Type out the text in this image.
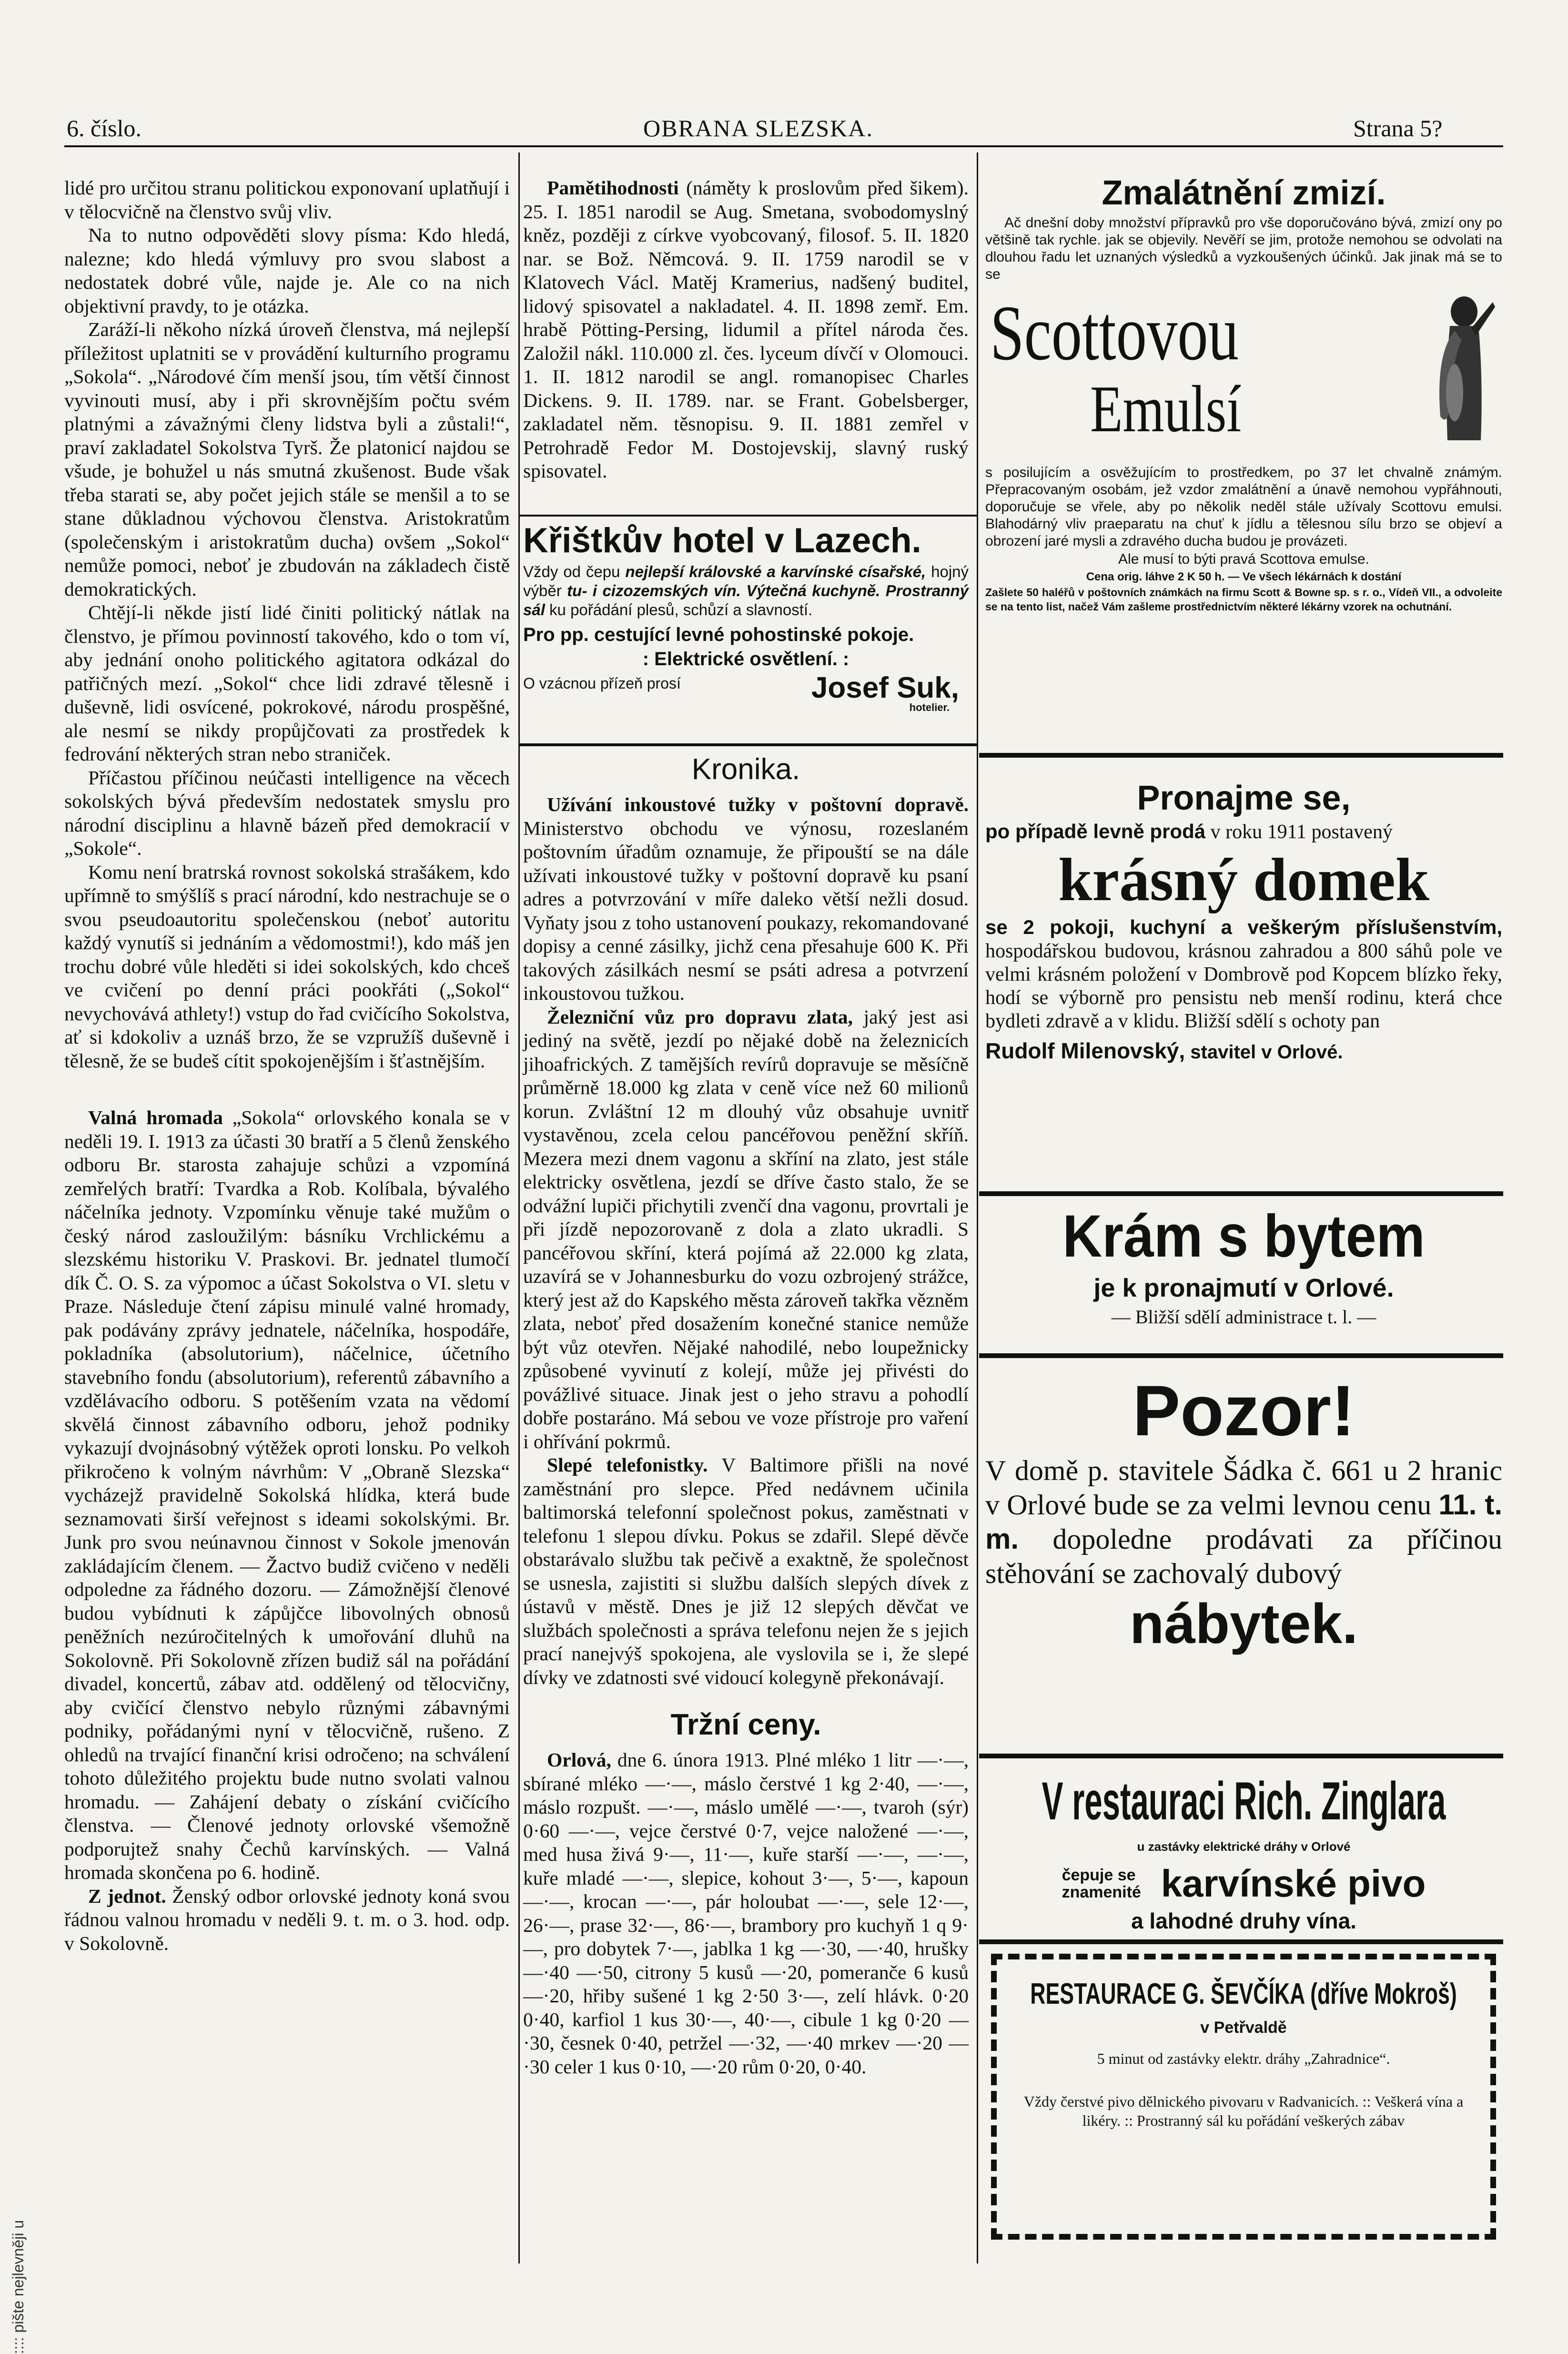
6. číslo.	OBRANA SLEZSKA.	Strana 5?
:::: pište nejlevněji u

lidé pro určitou stranu politickou exponovaní uplatňují i v tělocvičně na členstvo svůj vliv.

Na to nutno odpověděti slovy písma: Kdo hledá, nalezne; kdo hledá výmluvy pro svou slabost a nedostatek dobré vůle, najde je. Ale co na nich objektivní pravdy, to je otázka.

Zaráží-li někoho nízká úroveň členstva, má nejlepší příležitost uplatniti se v provádění kulturního programu „Sokola“. „Národové čím menší jsou, tím větší činnost vyvinouti musí, aby i při skrovnějším počtu svém platnými a závažnými členy lidstva byli a zůstali!“, praví zakladatel Sokolstva Tyrš. Že platonicí najdou se všude, je bohužel u nás smutná zkušenost. Bude však třeba starati se, aby počet jejich stále se menšil a to se stane důkladnou výchovou členstva. Aristokratům (společenským i aristokratům ducha) ovšem „Sokol“ nemůže pomoci, neboť je zbudován na základech čistě demokratických.

Chtějí-li někde jistí lidé činiti politický nátlak na členstvo, je přímou povinností takového, kdo o tom ví, aby jednání onoho politického agitatora odkázal do patřičných mezí. „Sokol“ chce lidi zdravé tělesně i duševně, lidi osvícené, pokrokové, národu prospěšné, ale nesmí se nikdy propůjčovati za prostředek k fedrování některých stran nebo straniček.

Příčastou příčinou neúčasti intelligence na věcech sokolských bývá především nedostatek smyslu pro národní disciplinu a hlavně bázeň před demokracií v „Sokole“.

Komu není bratrská rovnost sokolská strašákem, kdo upřímně to smýšlíš s prací národní, kdo nestrachuje se o svou pseudoautoritu společenskou (neboť autoritu každý vynutíš si jednáním a vědomostmi!), kdo máš jen trochu dobré vůle hleděti si idei sokolských, kdo chceš ve cvičení po denní práci pookřáti („Sokol“ nevychovává athlety!) vstup do řad cvičícího Sokolstva, ať si kdokoliv a uznáš brzo, že se vzpružíš duševně i tělesně, že se budeš cítit spokojenějším i šťastnějším.

Valná hromada „Sokola“ orlovského konala se v neděli 19. I. 1913 za účasti 30 bratří a 5 členů ženského odboru Br. starosta zahajuje schůzi a vzpomíná zemřelých bratří: Tvardka a Rob. Kolíbala, bývalého náčelníka jednoty. Vzpomínku věnuje také mužům o český národ zasloužilým: básníku Vrchlickému a slezskému historiku V. Praskovi. Br. jednatel tlumočí dík Č. O. S. za výpomoc a účast Sokolstva o VI. sletu v Praze. Následuje čtení zápisu minulé valné hromady, pak podávány zprávy jednatele, náčelníka, hospodáře, pokladníka (absolutorium), náčelnice, účetního stavebního fondu (absolutorium), referentů zábavního a vzdělávacího odboru. S potěšením vzata na vědomí skvělá činnost zábavního odboru, jehož podniky vykazují dvojnásobný výtěžek oproti lonsku. Po velkoh přikročeno k volným návrhům: V „Obraně Slezska“ vycházejž pravidelně Sokolská hlídka, která bude seznamovati širší veřejnost s ideami sokolskými. Br. Junk pro svou neúnavnou činnost v Sokole jmenován zakládajícím členem. — Žactvo budiž cvičeno v neděli odpoledne za řádného dozoru. — Zámožnější členové budou vybídnuti k zápůjčce libovolných obnosů peněžních nezúročitelných k umořování dluhů na Sokolovně. Při Sokolovně zřízen budiž sál na pořádání divadel, koncertů, zábav atd. oddělený od tělocvičny, aby cvičící členstvo nebylo různými zábavnými podniky, pořádanými nyní v tělocvičně, rušeno. Z ohledů na trvající finanční krisi odročeno; na schválení tohoto důležitého projektu bude nutno svolati valnou hromadu. — Zahájení debaty o získání cvičícího členstva. — Členové jednoty orlovské všemožně podporujtež snahy Čechů karvínských. — Valná hromada skončena po 6. hodině.

Z jednot. Ženský odbor orlovské jednoty koná svou řádnou valnou hromadu v neděli 9. t. m. o 3. hod. odp. v Sokolovně.

Pamětihodnosti (náměty k proslovům před šikem). 25. I. 1851 narodil se Aug. Smetana, svobodomyslný kněz, později z církve vyobcovaný, filosof. 5. II. 1820 nar. se Bož. Němcová. 9. II. 1759 narodil se v Klatovech Václ. Matěj Kramerius, nadšený buditel, lidový spisovatel a nakladatel. 4. II. 1898 zemř. Em. hrabě Pötting-Persing, lidumil a přítel národa čes. Založil nákl. 110.000 zl. čes. lyceum dívčí v Olomouci. 1. II. 1812 narodil se angl. romanopisec Charles Dickens. 9. II. 1789. nar. se Frant. Gobelsberger, zakladatel něm. těsnopisu. 9. II. 1881 zemřel v Petrohradě Fedor M. Dostojevskij, slavný ruský spisovatel.

Křištkův hotel v Lazech.

Vždy od čepu nejlepší královské a karvínské císařské, hojný výběr tu- i cizozemských vín. Výtečná kuchyně. Prostranný sál ku pořádání plesů, schůzí a slavností.

Pro pp. cestující levné pohostinské pokoje.

: Elektrické osvětlení. :

O vzácnou přízeň prosí	Josef Suk,
hotelier.
Kronika.

Užívání inkoustové tužky v poštovní dopravě. Ministerstvo obchodu ve výnosu, rozeslaném poštovním úřadům oznamuje, že připouští se na dále užívati inkoustové tužky v poštovní dopravě ku psaní adres a potvrzování v míře daleko větší nežli dosud. Vyňaty jsou z toho ustanovení poukazy, rekomandované dopisy a cenné zásilky, jichž cena přesahuje 600 K. Při takových zásilkách nesmí se psáti adresa a potvrzení inkoustovou tužkou.

Železniční vůz pro dopravu zlata, jaký jest asi jediný na světě, jezdí po nějaké době na železnicích jihoafrických. Z tamějších revírů dopravuje se měsíčně průměrně 18.000 kg zlata v ceně více než 60 milionů korun. Zvláštní 12 m dlouhý vůz obsahuje uvnitř vystavěnou, zcela celou pancéřovou peněžní skříň. Mezera mezi dnem vagonu a skříní na zlato, jest stále elektricky osvětlena, jezdí se dříve často stalo, že se odvážní lupiči přichytili zvenčí dna vagonu, provrtali je při jízdě nepozorovaně z dola a zlato ukradli. S pancéřovou skříní, která pojímá až 22.000 kg zlata, uzavírá se v Johannesburku do vozu ozbrojený strážce, který jest až do Kapského města zároveň takřka vězněm zlata, neboť před dosažením konečné stanice nemůže být vůz otevřen. Nějaké nahodilé, nebo loupežnicky způsobené vyvinutí z kolejí, může jej přivésti do povážlivé situace. Jinak jest o jeho stravu a pohodlí dobře postaráno. Má sebou ve voze přístroje pro vaření i ohřívání pokrmů.

Slepé telefonistky. V Baltimore přišli na nové zaměstnání pro slepce. Před nedávnem učinila baltimorská telefonní společnost pokus, zaměstnati v telefonu 1 slepou dívku. Pokus se zdařil. Slepé děvče obstarávalo službu tak pečivě a exaktně, že společnost se usnesla, zajistiti si službu dalších slepých dívek z ústavů v městě. Dnes je již 12 slepých děvčat ve službách společnosti a správa telefonu nejen že s jejich prací nanejvýš spokojena, ale vyslovila se i, že slepé dívky ve zdatnosti své vidoucí kolegyně překonávají.

Tržní ceny.

Orlová, dne 6. února 1913. Plné mléko 1 litr —·—, sbírané mléko —·—, máslo čerstvé 1 kg 2·40, —·—, máslo rozpušt. —·—, máslo umělé —·—, tvaroh (sýr) 0·60 —·—, vejce čerstvé 0·7, vejce naložené —·—, med husa živá 9·—, 11·—, kuře starší —·—, —·—, kuře mladé —·—, slepice, kohout 3·—, 5·—, kapoun —·—, krocan —·—, pár holoubat —·—, sele 12·—, 26·—, prase 32·—, 86·—, brambory pro kuchyň 1 q 9·—, pro dobytek 7·—, jablka 1 kg —·30, —·40, hrušky —·40 —·50, citrony 5 kusů —·20, pomeranče 6 kusů —·20, hřiby sušené 1 kg 2·50 3·—, zelí hlávk. 0·20 0·40, karfiol 1 kus 30·—, 40·—, cibule 1 kg 0·20 —·30, česnek 0·40, petržel —·32, —·40 mrkev —·20 —·30 celer 1 kus 0·10, —·20 rům 0·20, 0·40.

Zmalátnění zmizí.

Ač dnešní doby množství přípravků pro vše doporučováno bývá, zmizí ony po většině tak rychle. jak se objevily. Nevěří se jim, protože nemohou se odvolati na dlouhou řadu let uznaných výsledků a vyzkoušených účinků. Jak jinak má se to se

Scottovou
Emulsí

s posilujícím a osvěžujícím to prostředkem, po 37 let chvalně známým. Přepracovaným osobám, jež vzdor zmalátnění a únavě nemohou vypřáhnouti, doporučuje se vřele, aby po několik neděl stále užívaly Scottovu emulsi. Blahodárný vliv praeparatu na chuť k jídlu a tělesnou sílu brzo se objeví a obrození jaré mysli a zdravého ducha budou je provázeti.

Ale musí to býti pravá Scottova emulse.

Cena orig. láhve 2 K 50 h. — Ve všech lékárnách k dostání

Zašlete 50 haléřů v poštovních známkách na firmu Scott & Bowne sp. s r. o., Vídeň VII., a odvoleite se na tento list, načež Vám zašleme prostřednictvím některé lékárny vzorek na ochutnání.

Pronajme se,

po případě levně prodá v roku 1911 postavený

krásný domek

se 2 pokoji, kuchyní a veškerým příslušenstvím, hospodářskou budovou, krásnou zahradou a 800 sáhů pole ve velmi krásném položení v Dombrově pod Kopcem blízko řeky, hodí se výborně pro pensistu neb menší rodinu, která chce bydleti zdravě a v klidu. Bližší sdělí s ochoty pan

Rudolf Milenovský, stavitel v Orlové.

Krám s bytem
je k pronajmutí v Orlové.
— Bližší sdělí administrace t. l. —
Pozor!

V domě p. stavitele Šádka č. 661 u 2 hranic v Orlové bude se za velmi levnou cenu 11. t. m. dopoledne prodávati za příčinou stěhování se zachovalý dubový

nábytek.
V restauraci Rich. Zinglara
u zastávky elektrické dráhy v Orlové
čepuje se znamenité karvínské pivo
a lahodné druhy vína.
RESTAURACE G. ŠEVČÍKA (dříve Mokroš)
v Petřvaldě
5 minut od zastávky elektr. dráhy „Zahradnice“.

Vždy čerstvé pivo dělnického pivovaru v Radvanicích. :: Veškerá vína a likéry. :: Prostranný sál ku pořádání veškerých zábav
